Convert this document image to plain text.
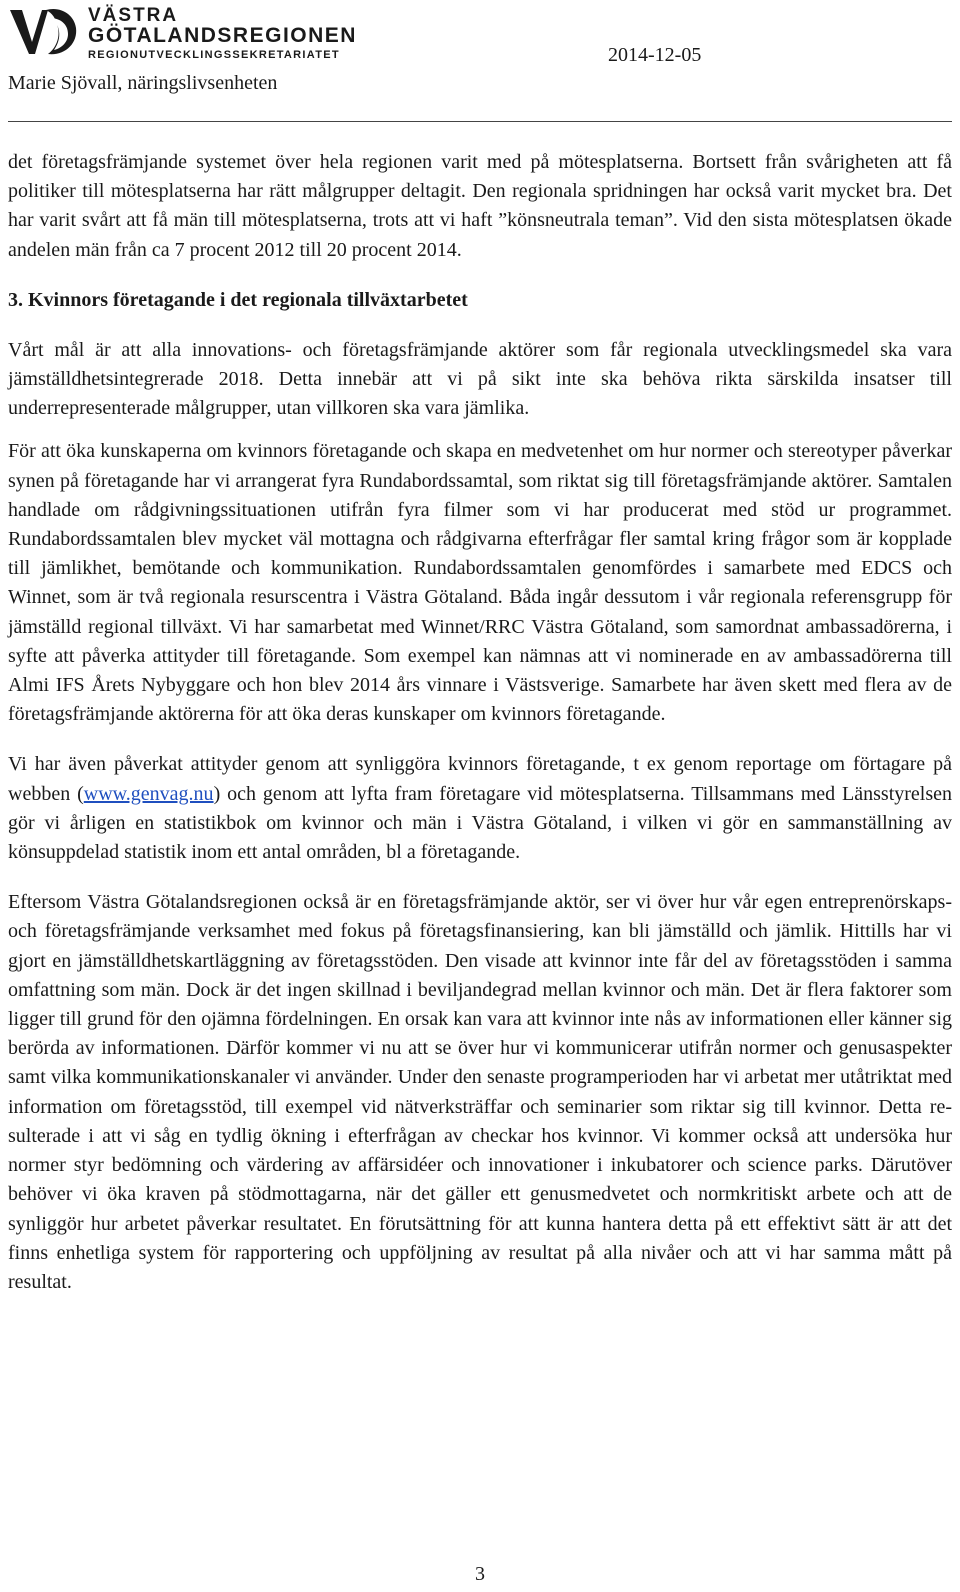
VÄSTRA
GÖTALANDSREGIONEN
REGIONUTVECKLINGSSEKRETARIATET
Marie Sjövall, näringslivsenheten
2014-12-05

det företagsfrämjande systemet över hela regionen varit med på mötesplatserna. Bortsett från svårigheten att få politiker till mötesplatserna har rätt målgrupper deltagit. Den regionala spridningen har också varit mycket bra. Det har varit svårt att få män till mötesplatserna, trots att vi haft ”könsneutrala teman”. Vid den sista mötesplatsen ökade andelen män från ca 7 procent 2012 till 20 procent 2014.

3. Kvinnors företagande i det regionala tillväxtarbetet

Vårt mål är att alla innovations- och företagsfrämjande aktörer som får regionala utvecklingsmedel ska vara jämställdhetsintegrerade 2018. Detta innebär att vi på sikt inte ska behöva rikta särskilda insatser till underrepresenterade målgrupper, utan villkoren ska vara jämlika.

För att öka kunskaperna om kvinnors företagande och skapa en medvetenhet om hur normer och stereotyper påverkar synen på företagande har vi arrangerat fyra Rundabordssamtal, som riktat sig till företagsfrämjande aktörer. Samtalen handlade om rådgivningssituationen utifrån fyra filmer som vi har producerat med stöd ur programmet. Rundabordssamtalen blev mycket väl mottagna och rådgivarna efterfrågar fler samtal kring frågor som är kopplade till jämlikhet, bemötande och kommunikation. Rundabordssamtalen genomfördes i samarbete med EDCS och Winnet, som är två regionala resurscentra i Västra Götaland. Båda ingår dessutom i vår regionala referensgrupp för jämställd regional tillväxt. Vi har samarbetat med Winnet/RRC Västra Götaland, som samordnat ambassadörerna, i syfte att påverka attityder till företagande. Som exempel kan nämnas att vi nominerade en av ambassadörerna till Almi IFS Årets Nybyggare och hon blev 2014 års vinnare i Västsverige. Samarbete har även skett med flera av de företagsfrämjande aktörerna för att öka deras kunskaper om kvinnors företagande.

Vi har även påverkat attityder genom att synliggöra kvinnors företagande, t ex genom reportage om förtagare på webben (www.genvag.nu) och genom att lyfta fram företagare vid mötesplatserna. Tillsammans med Länsstyrelsen gör vi årligen en statistikbok om kvinnor och män i Västra Götaland, i vilken vi gör en sammanställning av könsuppdelad statistik inom ett antal områden, bl a företagande.

Eftersom Västra Götalandsregionen också är en företagsfrämjande aktör, ser vi över hur vår egen entreprenörskaps- och företagsfrämjande verksamhet med fokus på företagsfinansiering, kan bli jämställd och jämlik. Hittills har vi gjort en jämställdhetskartläggning av företagsstöden. Den visade att kvinnor inte får del av företagsstöden i samma omfattning som män. Dock är det ingen skillnad i beviljandegrad mellan kvinnor och män. Det är flera faktorer som ligger till grund för den ojämna fördelningen. En orsak kan vara att kvinnor inte nås av informationen eller känner sig berörda av informationen. Därför kommer vi nu att se över hur vi kommunicerar utifrån normer och genusaspekter samt vilka kommunikationskanaler vi använder. Under den senaste programperioden har vi arbetat mer utåtriktat med information om företagsstöd, till exempel vid nätverksträffar och seminarier som riktar sig till kvinnor. Detta resulterade i att vi såg en tydlig ökning i efterfrågan av checkar hos kvinnor. Vi kommer också att undersöka hur normer styr bedömning och värdering av affärsidéer och innovationer i inkubatorer och science parks. Därutöver behöver vi öka kraven på stödmottagarna, när det gäller ett genusmedvetet och normkritiskt arbete och att de synliggör hur arbetet påverkar resultatet. En förutsättning för att kunna hantera detta på ett effektivt sätt är att det finns enhetliga system för rapportering och uppföljning av resultat på alla nivåer och att vi har samma mått på resultat.

3
